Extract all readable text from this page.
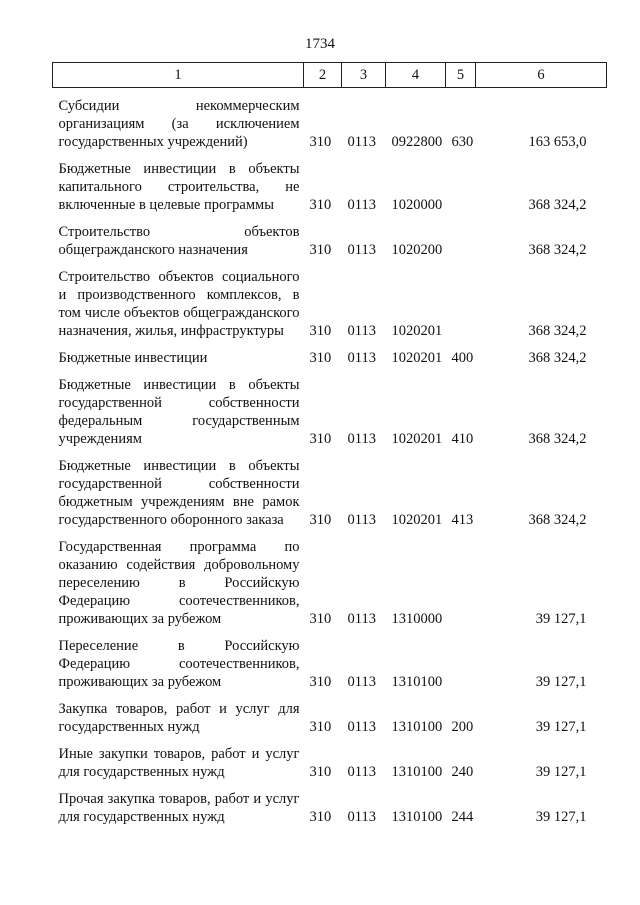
1734
1	2	3	4	5	6

Субсидии некоммерческим организациям (за исключением государственных учреждений)	310	0113	0922800	630	163 653,0

Бюджетные инвестиции в объекты капитального строительства, не включенные в целевые программы	310	0113	1020000		368 324,2

Строительство объектов общегражданского назначения	310	0113	1020200		368 324,2

Строительство объектов социального и производственного комплексов, в том числе объектов общегражданского назначения, жилья, инфраструктуры	310	0113	1020201		368 324,2

Бюджетные инвестиции	310	0113	1020201	400	368 324,2

Бюджетные инвестиции в объекты государственной собственности федеральным государственным учреждениям	310	0113	1020201	410	368 324,2

Бюджетные инвестиции в объекты государственной собственности бюджетным учреждениям вне рамок государственного оборонного заказа	310	0113	1020201	413	368 324,2

Государственная программа по оказанию содействия добровольному переселению в Российскую Федерацию соотечественников, проживающих за рубежом	310	0113	1310000		39 127,1

Переселение в Российскую Федерацию соотечественников, проживающих за рубежом	310	0113	1310100		39 127,1

Закупка товаров, работ и услуг для государственных нужд	310	0113	1310100	200	39 127,1

Иные закупки товаров, работ и услуг для государственных нужд	310	0113	1310100	240	39 127,1

Прочая закупка товаров, работ и услуг для государственных нужд	310	0113	1310100	244	39 127,1
